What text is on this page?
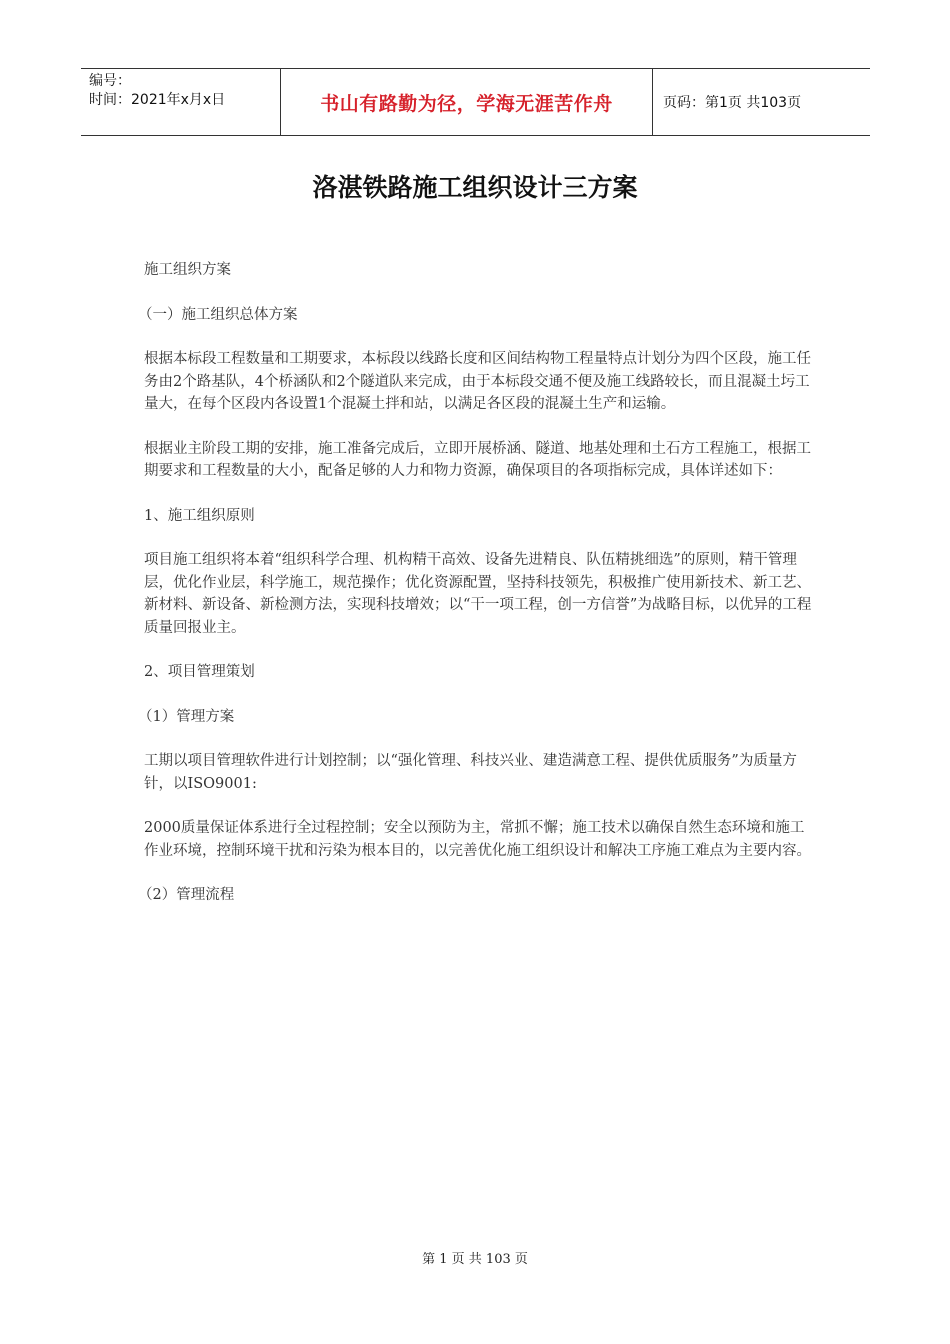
编号：
时间：2021年x月x日	书山有路勤为径，学海无涯苦作舟	页码：第1页 共103页
洛湛铁路施工组织设计三方案

施工组织方案

（一）施工组织总体方案

根据本标段工程数量和工期要求，本标段以线路长度和区间结构物工程量特点计划分为四个区段，施工任务由2个路基队，4个桥涵队和2个隧道队来完成，由于本标段交通不便及施工线路较长，而且混凝土圬工量大，在每个区段内各设置1个混凝土拌和站，以满足各区段的混凝土生产和运输。

根据业主阶段工期的安排，施工准备完成后，立即开展桥涵、隧道、地基处理和土石方工程施工，根据工期要求和工程数量的大小，配备足够的人力和物力资源，确保项目的各项指标完成，具体详述如下：

1、施工组织原则

项目施工组织将本着“组织科学合理、机构精干高效、设备先进精良、队伍精挑细选”的原则，精干管理层，优化作业层，科学施工，规范操作；优化资源配置，坚持科技领先，积极推广使用新技术、新工艺、新材料、新设备、新检测方法，实现科技增效；以“干一项工程，创一方信誉”为战略目标，以优异的工程质量回报业主。

2、项目管理策划

（1）管理方案

工期以项目管理软件进行计划控制；以“强化管理、科技兴业、建造满意工程、提供优质服务”为质量方针，以ISO9001:

2000质量保证体系进行全过程控制；安全以预防为主，常抓不懈；施工技术以确保自然生态环境和施工作业环境，控制环境干扰和污染为根本目的，以完善优化施工组织设计和解决工序施工难点为主要内容。

（2）管理流程

第 1 页 共 103 页
